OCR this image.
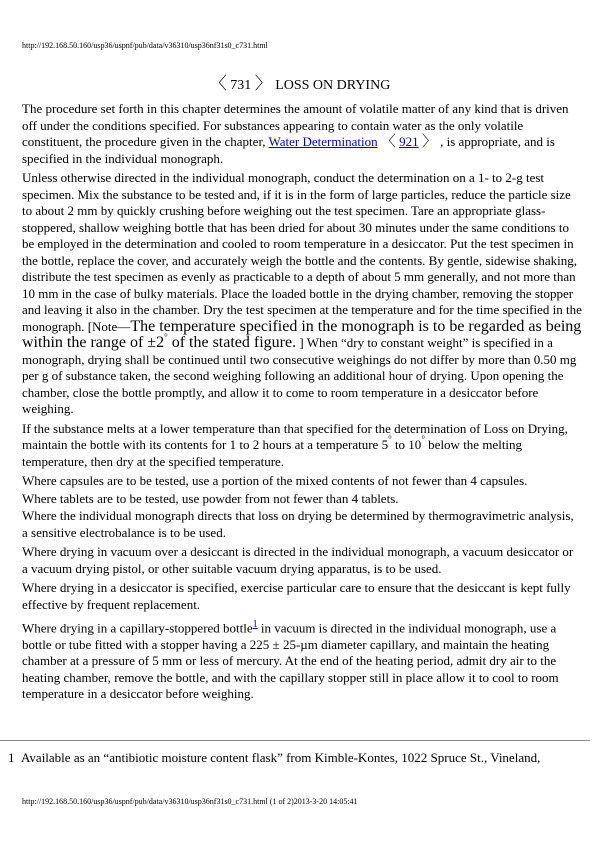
http://192.168.50.160/usp36/uspnf/pub/data/v36310/usp36nf31s0_c731.html
〈 731 〉 LOSS ON DRYING

The procedure set forth in this chapter determines the amount of volatile matter of any kind that is driven off under the conditions specified. For substances appearing to contain water as the only volatile constituent, the procedure given in the chapter, Water Determination 〈 921 〉 , is appropriate, and is specified in the individual monograph.

Unless otherwise directed in the individual monograph, conduct the determination on a 1- to 2-g test specimen. Mix the substance to be tested and, if it is in the form of large particles, reduce the particle size to about 2 mm by quickly crushing before weighing out the test specimen. Tare an appropriate glass-stoppered, shallow weighing bottle that has been dried for about 30 minutes under the same conditions to be employed in the determination and cooled to room temperature in a desiccator. Put the test specimen in the bottle, replace the cover, and accurately weigh the bottle and the contents. By gentle, sidewise shaking, distribute the test specimen as evenly as practicable to a depth of about 5 mm generally, and not more than 10 mm in the case of bulky materials. Place the loaded bottle in the drying chamber, removing the stopper and leaving it also in the chamber. Dry the test specimen at the temperature and for the time specified in the monograph. [Note—The temperature specified in the monograph is to be regarded as being within the range of ±2° of the stated figure. ] When “dry to constant weight” is specified in a monograph, drying shall be continued until two consecutive weighings do not differ by more than 0.50 mg per g of substance taken, the second weighing following an additional hour of drying. Upon opening the chamber, close the bottle promptly, and allow it to come to room temperature in a desiccator before weighing.

If the substance melts at a lower temperature than that specified for the determination of Loss on Drying, maintain the bottle with its contents for 1 to 2 hours at a temperature 5° to 10° below the melting temperature, then dry at the specified temperature.

Where capsules are to be tested, use a portion of the mixed contents of not fewer than 4 capsules.

Where tablets are to be tested, use powder from not fewer than 4 tablets.

Where the individual monograph directs that loss on drying be determined by thermogravimetric analysis, a sensitive electrobalance is to be used.

Where drying in vacuum over a desiccant is directed in the individual monograph, a vacuum desiccator or a vacuum drying pistol, or other suitable vacuum drying apparatus, is to be used.

Where drying in a desiccator is specified, exercise particular care to ensure that the desiccant is kept fully effective by frequent replacement.

Where drying in a capillary-stoppered bottle$^1$ in vacuum is directed in the individual monograph, use a bottle or tube fitted with a stopper having a 225 ± 25-µm diameter capillary, and maintain the heating chamber at a pressure of 5 mm or less of mercury. At the end of the heating period, admit dry air to the heating chamber, remove the bottle, and with the capillary stopper still in place allow it to cool to room temperature in a desiccator before weighing.

1 Available as an “antibiotic moisture content flask” from Kimble-Kontes, 1022 Spruce St., Vineland,
http://192.168.50.160/usp36/uspnf/pub/data/v36310/usp36nf31s0_c731.html (1 of 2)2013-3-20 14:05:41
